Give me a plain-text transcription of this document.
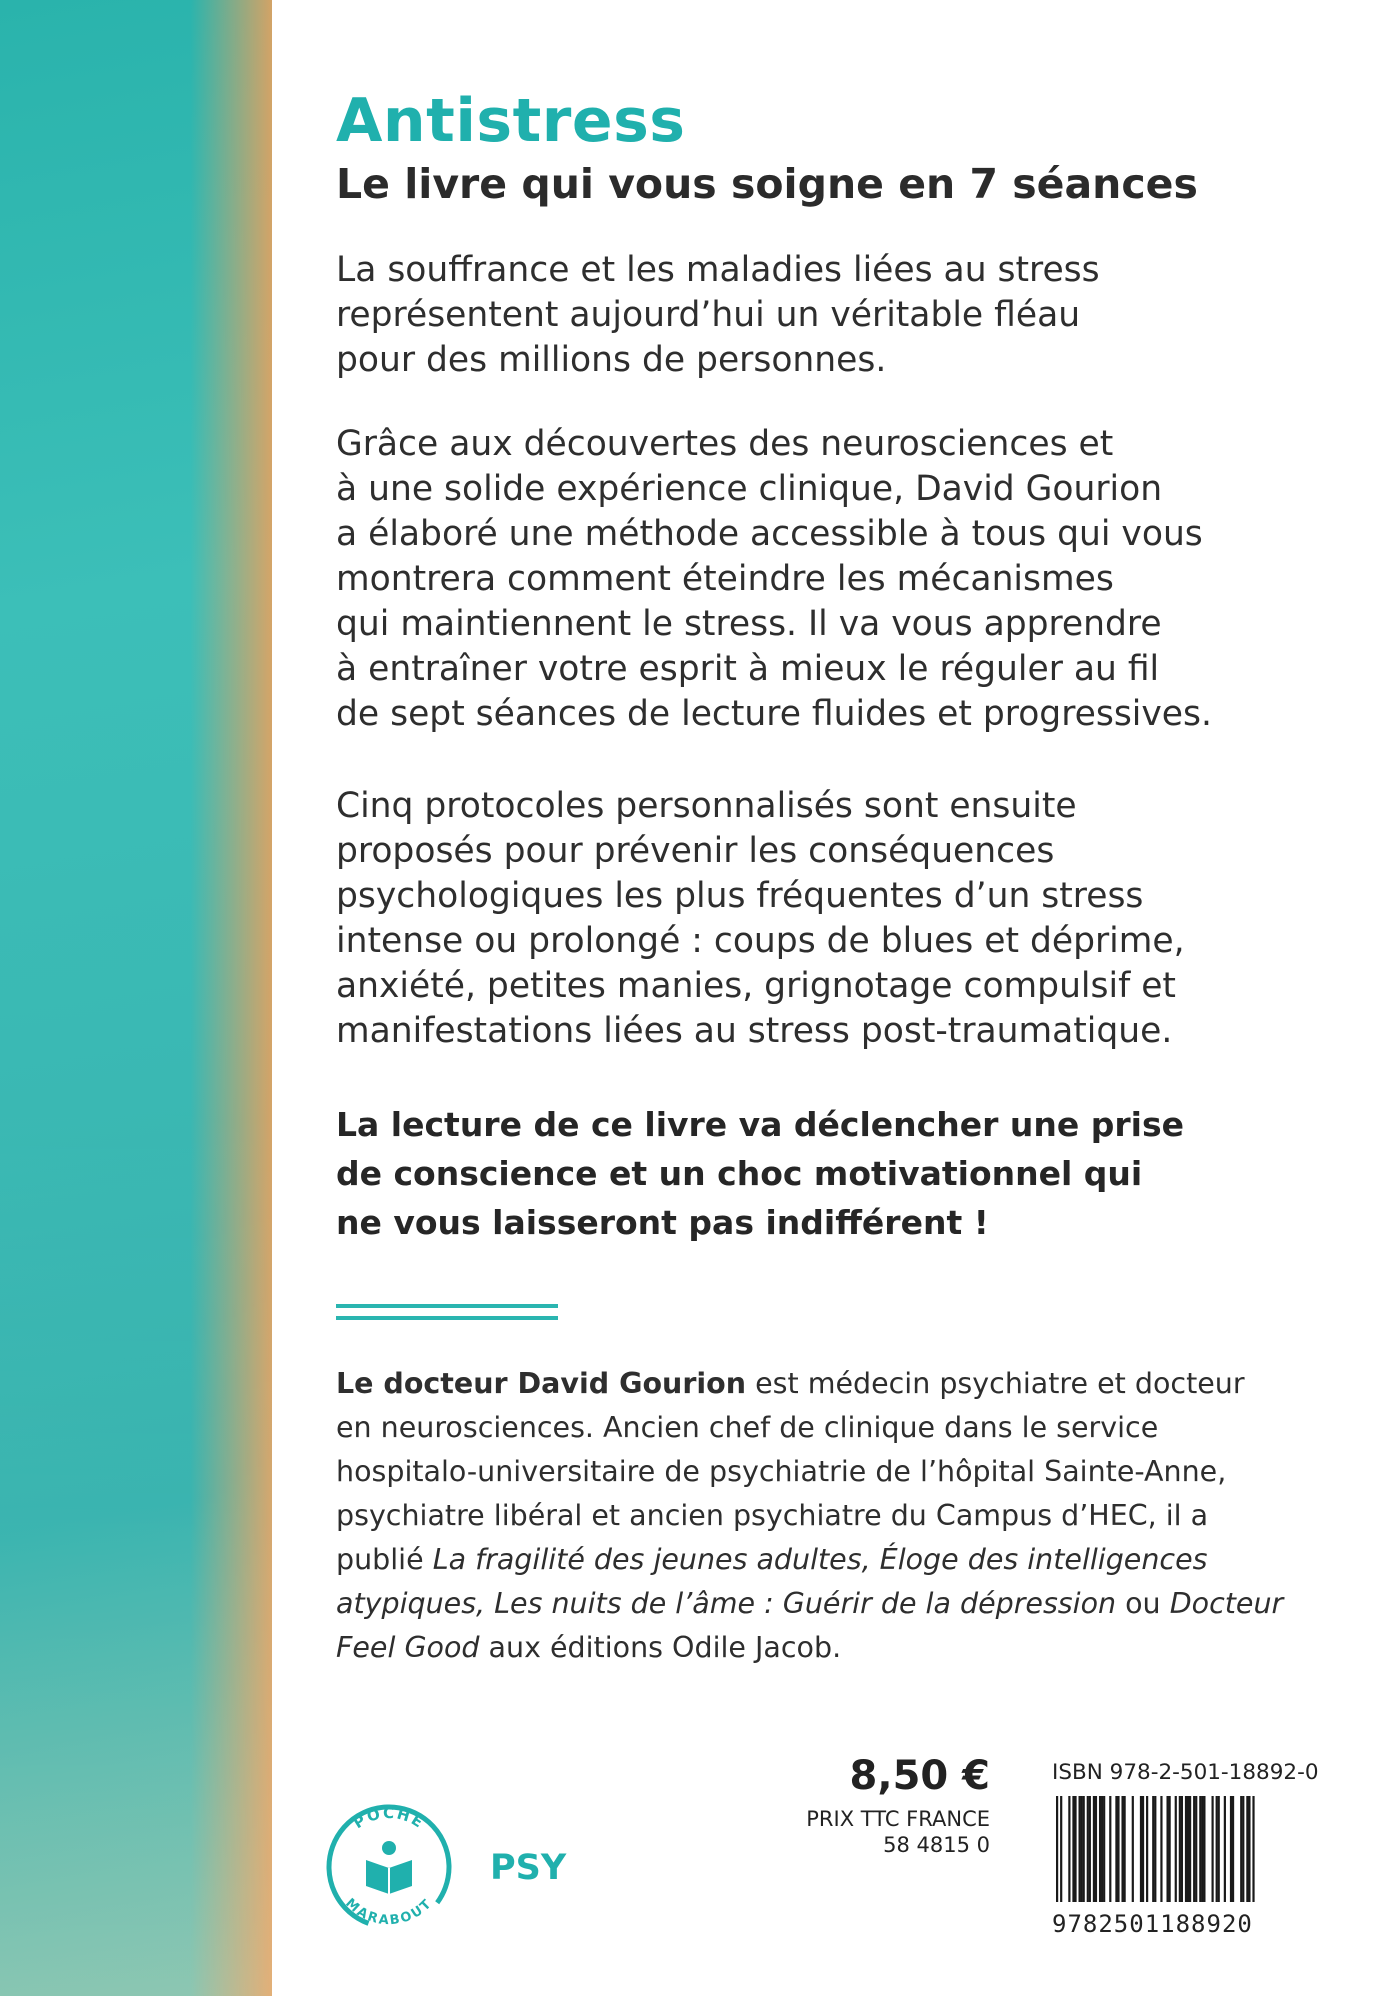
Antistress
Le livre qui vous soigne en 7 séances

La souffrance et les maladies liées au stress

représentent aujourd’hui un véritable fléau

pour des millions de personnes.

Grâce aux découvertes des neurosciences et

à une solide expérience clinique, David Gourion

a élaboré une méthode accessible à tous qui vous

montrera comment éteindre les mécanismes

qui maintiennent le stress. Il va vous apprendre

à entraîner votre esprit à mieux le réguler au fil

de sept séances de lecture fluides et progressives.

Cinq protocoles personnalisés sont ensuite

proposés pour prévenir les conséquences

psychologiques les plus fréquentes d’un stress

intense ou prolongé : coups de blues et déprime,

anxiété, petites manies, grignotage compulsif et

manifestations liées au stress post-traumatique.

La lecture de ce livre va déclencher une prise

de conscience et un choc motivationnel qui

ne vous laisseront pas indifférent !

Le docteur David Gourion est médecin psychiatre et docteur

en neurosciences. Ancien chef de clinique dans le service

hospitalo-universitaire de psychiatrie de l’hôpital Sainte-Anne,

psychiatre libéral et ancien psychiatre du Campus d’HEC, il a

publié La fragilité des jeunes adultes, Éloge des intelligences

atypiques, Les nuits de l’âme : Guérir de la dépression ou Docteur

Feel Good aux éditions Odile Jacob.

POCHE
MARABOUT
PSY
8,50 €
PRIX TTC FRANCE
58 4815 0
ISBN 978-2-501-18892-0
9782501188920
